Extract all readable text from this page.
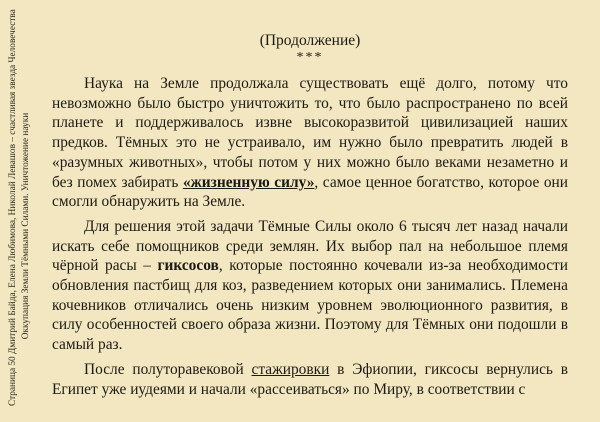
Страница 50 Дмитрий Байда, Елена Любимова, Николай Левашов – счастливая звезда Человечества Оккупация Земли Тёмными Силами. Уничтожение науки

(Продолжение)

***

Наука на Земле продолжала существовать ещё долго, потому что невозможно было быстро уничтожить то, что было распространено по всей планете и поддерживалось извне высокоразвитой цивилизацией наших предков. Тёмных это не устраивало, им нужно было превратить людей в «разумных животных», чтобы потом у них можно было веками незаметно и без помех забирать «жизненную силу», самое ценное богатство, которое они смогли обнаружить на Земле.

Для решения этой задачи Тёмные Силы около 6 тысяч лет назад начали искать себе помощников среди землян. Их выбор пал на небольшое племя чёрной расы – гиксосов, которые постоянно кочевали из-за необходимости обновления пастбищ для коз, разведением которых они занимались. Племена кочевников отличались очень низким уровнем эволюционного развития, в силу особенностей своего образа жизни. Поэтому для Тёмных они подошли в самый раз.

После полуторавековой стажировки в Эфиопии, гиксосы вернулись в Египет уже иудеями и начали «рассеиваться» по Миру, в соответствии с
